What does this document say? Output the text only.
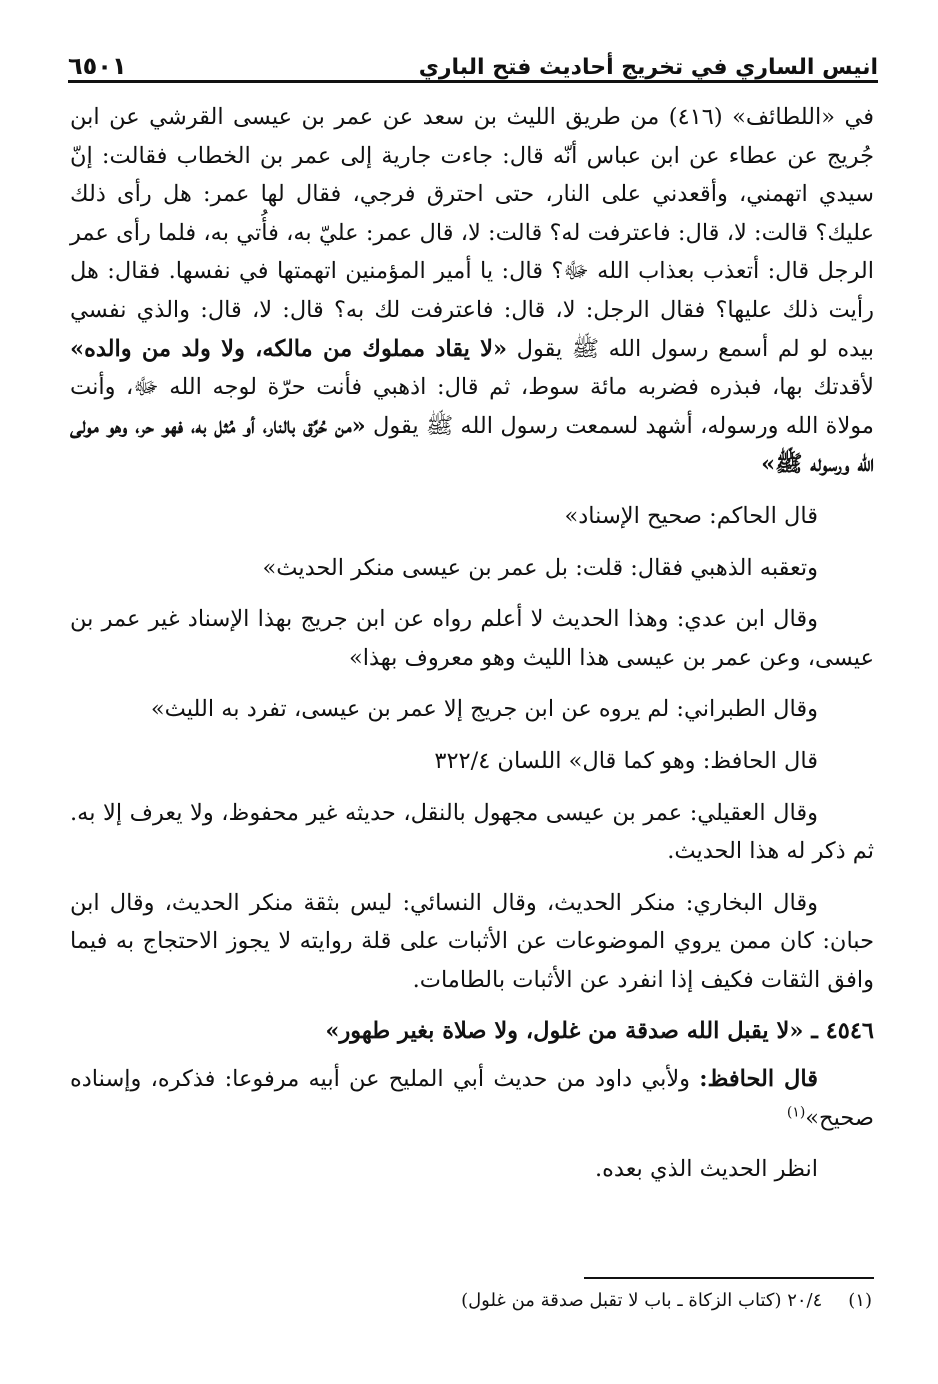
انيس الساري في تخريج أحاديث فتح الباري
٦٥٠١

في «اللطائف» (٤١٦) من طريق الليث بن سعد عن عمر بن عيسى القرشي عن ابن جُريج عن عطاء عن ابن عباس أنّه قال: جاءت جارية إلى عمر بن الخطاب فقالت: إنّ سيدي اتهمني، وأقعدني على النار، حتى احترق فرجي، فقال لها عمر: هل رأى ذلك عليك؟ قالت: لا، قال: فاعترفت له؟ قالت: لا، قال عمر: عليّ به، فأُتي به، فلما رأى عمر الرجل قال: أتعذب بعذاب الله ﷻ؟ قال: يا أمير المؤمنين اتهمتها في نفسها. فقال: هل رأيت ذلك عليها؟ فقال الرجل: لا، قال: فاعترفت لك به؟ قال: لا، قال: والذي نفسي بيده لو لم أسمع رسول الله ﷺ يقول «لا يقاد مملوك من مالكه، ولا ولد من والده» لأقدتك بها، فبذره فضربه مائة سوط، ثم قال: اذهبي فأنت حرّة لوجه الله ﷻ، وأنت مولاة الله ورسوله، أشهد لسمعت رسول الله ﷺ يقول «من حُرِّق بالنار، أو مُثل به، فهو حر، وهو مولى الله ورسوله ﷺ»

قال الحاكم: صحيح الإسناد»

وتعقبه الذهبي فقال: قلت: بل عمر بن عيسى منكر الحديث»

وقال ابن عدي: وهذا الحديث لا أعلم رواه عن ابن جريج بهذا الإسناد غير عمر بن عيسى، وعن عمر بن عيسى هذا الليث وهو معروف بهذا»

وقال الطبراني: لم يروه عن ابن جريج إلا عمر بن عيسى، تفرد به الليث»

قال الحافظ: وهو كما قال» اللسان ٣٢٢/٤

وقال العقيلي: عمر بن عيسى مجهول بالنقل، حديثه غير محفوظ، ولا يعرف إلا به. ثم ذكر له هذا الحديث.

وقال البخاري: منكر الحديث، وقال النسائي: ليس بثقة منكر الحديث، وقال ابن حبان: كان ممن يروي الموضوعات عن الأثبات على قلة روايته لا يجوز الاحتجاج به فيما وافق الثقات فكيف إذا انفرد عن الأثبات بالطامات.

٤٥٤٦ ـ «لا يقبل الله صدقة من غلول، ولا صلاة بغير طهور»

قال الحافظ: ولأبي داود من حديث أبي المليح عن أبيه مرفوعا: فذكره، وإسناده صحيح»$^{(١)}$

انظر الحديث الذي بعده.

(١)٢٠/٤ (كتاب الزكاة ـ باب لا تقبل صدقة من غلول)
